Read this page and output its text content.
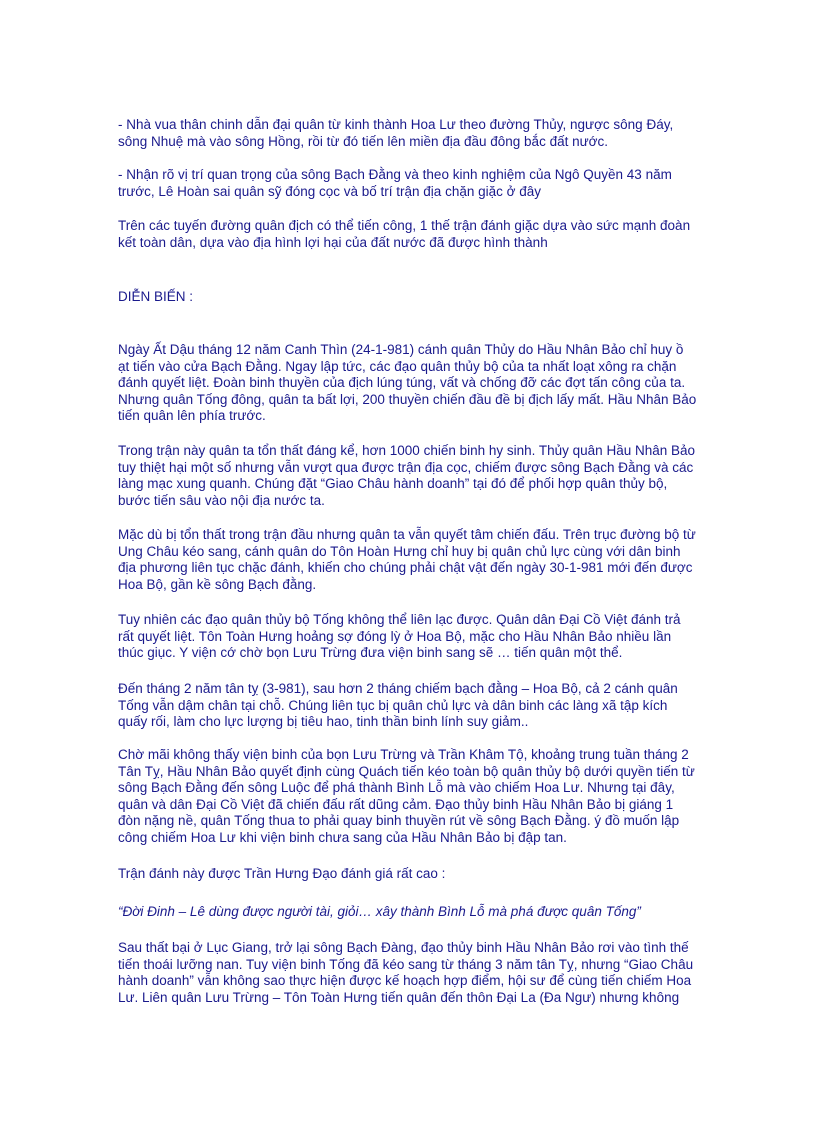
- Nhà vua thân chinh dẫn đại quân từ kinh thành Hoa Lư theo đường Thủy, ngược sông Đáy, sông Nhuệ mà vào sông Hồng, rồi từ đó tiến lên miền địa đầu đông bắc đất nước.

- Nhận rõ vị trí quan trọng của sông Bạch Đằng và theo kinh nghiệm của Ngô Quyền 43 năm trước, Lê Hoàn sai quân sỹ đóng cọc và bố trí trận địa chặn giặc ở đây

Trên các tuyến đường quân địch có thể tiến công, 1 thế trận đánh giặc dựa vào sức mạnh đoàn kết toàn dân, dựa vào địa hình lợi hại của đất nước đã được hình thành

DIỄN BIẾN :

Ngày Ất Dậu tháng 12 năm Canh Thìn (24-1-981) cánh quân Thủy do Hầu Nhân Bảo chỉ huy ồ ạt tiến vào cửa Bạch Đằng. Ngay lập tức, các đạo quân thủy bộ của ta nhất loạt xông ra chặn đánh quyết liệt. Đoàn binh thuyền của địch lúng túng, vất và chống đỡ các đợt tấn công của ta. Nhưng quân Tống đông, quân ta bất lợi, 200 thuyền chiến đầu đề bị địch lấy mất. Hầu Nhân Bảo tiến quân lên phía trước.

Trong trận này quân ta tổn thất đáng kể, hơn 1000 chiến binh hy sinh. Thủy quân Hầu Nhân Bảo tuy thiệt hại một số nhưng vẫn vượt qua được trận địa cọc, chiếm được sông Bạch Đằng và các làng mạc xung quanh. Chúng đặt “Giao Châu hành doanh” tại đó để phối hợp quân thủy bộ, bước tiến sâu vào nội địa nước ta.

Mặc dù bị tổn thất trong trận đầu nhưng quân ta vẫn quyết tâm chiến đấu. Trên trục đường bộ từ Ung Châu kéo sang, cánh quân do Tôn Hoàn Hưng chỉ huy bị quân chủ lực cùng với dân binh địa phương liên tục chặc đánh, khiến cho chúng phải chật vật đến ngày 30-1-981 mới đến được Hoa Bộ, gần kề sông Bạch đằng.

Tuy nhiên các đạo quân thủy bộ Tống không thể liên lạc được. Quân dân Đại Cồ Việt đánh trả rất quyết liệt. Tôn Toàn Hưng hoảng sợ đóng lỳ ở Hoa Bộ, mặc cho Hầu Nhân Bảo nhiều lần thúc giục. Y viện cớ chờ bọn Lưu Trừng đưa viện binh sang sẽ … tiến quân một thể.

Đến tháng 2 năm tân tỵ (3-981), sau hơn 2 tháng chiếm bạch đằng – Hoa Bộ, cả 2 cánh quân Tống vẫn dậm chân tại chỗ. Chúng liên tục bị quân chủ lực và dân binh các làng xã tập kích quấy rối, làm cho lực lượng bị tiêu hao, tinh thần binh lính suy giảm..

Chờ mãi không thấy viện binh của bọn Lưu Trừng và Trần Khâm Tộ, khoảng trung tuần tháng 2 Tân Tỵ, Hầu Nhân Bảo quyết định cùng Quách tiến kéo toàn bộ quân thủy bộ dưới quyền tiến từ sông Bạch Đằng đến sông Luộc để phá thành Bình Lỗ mà vào chiếm Hoa Lư. Nhưng tại đây, quân và dân Đại Cồ Việt đã chiến đấu rất dũng cảm. Đạo thủy binh Hầu Nhân Bảo bị giáng 1 đòn nặng nề, quân Tống thua to phải quay binh thuyền rút về sông Bạch Đằng. ý đồ muốn lập công chiếm Hoa Lư khi viện binh chưa sang của Hầu Nhân Bảo bị đập tan.

Trận đánh này được Trần Hưng Đạo đánh giá rất cao :

“Đời Đinh – Lê dùng được người tài, giỏi… xây thành Bình Lỗ mà phá được quân Tống”

Sau thất bại ở Lục Giang, trở lại sông Bạch Đàng, đạo thủy binh Hầu Nhân Bảo rơi vào tình thế tiến thoái lưỡng nan. Tuy viện binh Tống đã kéo sang từ tháng 3 năm tân Tỵ, nhưng “Giao Châu hành doanh” vẫn không sao thực hiện được kế hoạch hợp điểm, hội sư để cùng tiến chiếm Hoa Lư. Liên quân Lưu Trừng – Tôn Toàn Hưng tiến quân đến thôn Đại La (Đa Ngư) nhưng không
